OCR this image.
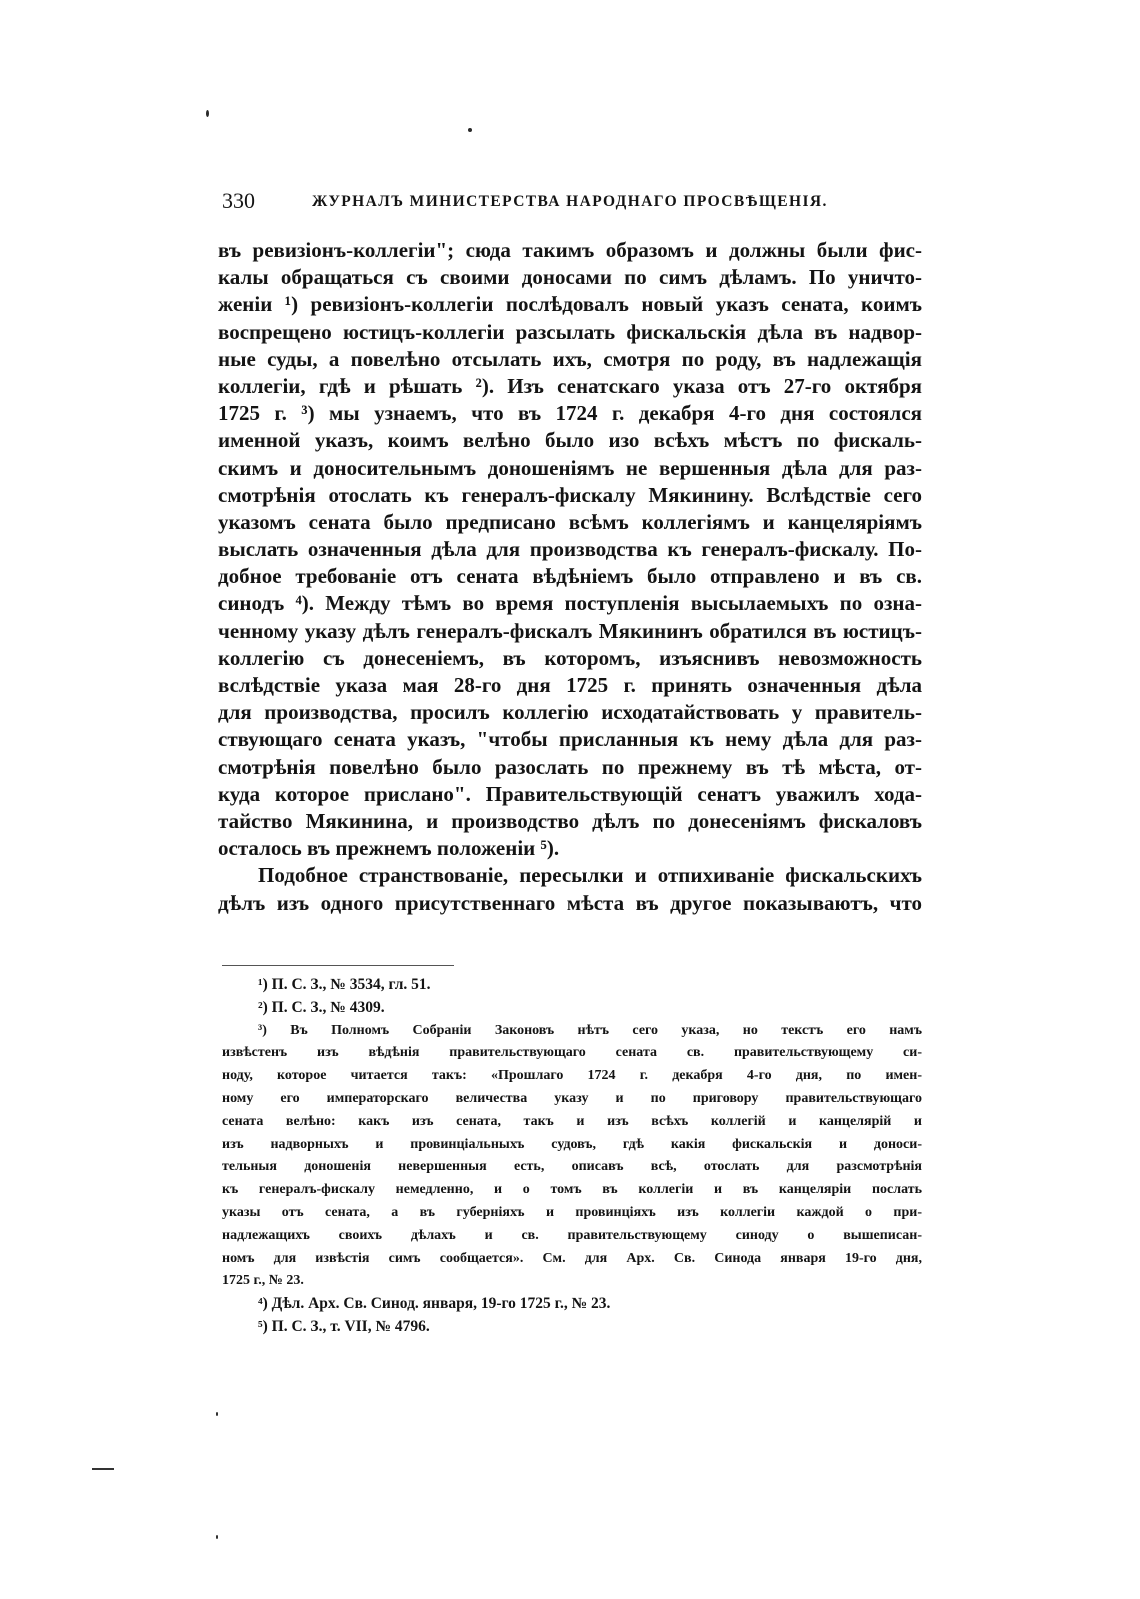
330	ЖУРНАЛЪ МИНИСТЕРСТВА НАРОДНАГО ПРОСВѢЩЕНІЯ.
въ ревизіонъ-коллегіи"; сюда такимъ образомъ и должны были фис-
калы обращаться съ своими доносами по симъ дѣламъ. По уничто-
женіи ¹) ревизіонъ-коллегіи послѣдовалъ новый указъ сената, коимъ
воспрещено юстицъ-коллегіи разсылать фискальскія дѣла въ надвор-
ные суды, а повелѣно отсылать ихъ, смотря по роду, въ надлежащія
коллегіи, гдѣ и рѣшать ²). Изъ сенатскаго указа отъ 27-го октября
1725 г. ³) мы узнаемъ, что въ 1724 г. декабря 4-го дня состоялся
именной указъ, коимъ велѣно было изо всѣхъ мѣстъ по фискаль-
скимъ и доносительнымъ доношеніямъ не вершенныя дѣла для раз-
смотрѣнія отослать къ генералъ-фискалу Мякинину. Вслѣдствіе сего
указомъ сената было предписано всѣмъ коллегіямъ и канцеляріямъ
выслать означенныя дѣла для производства къ генералъ-фискалу. По-
добное требованіе отъ сената вѣдѣніемъ было отправлено и въ св.
синодъ ⁴). Между тѣмъ во время поступленія высылаемыхъ по озна-
ченному указу дѣлъ генералъ-фискалъ Мякининъ обратился въ юстицъ-
коллегію съ донесеніемъ, въ которомъ, изъяснивъ невозможность
вслѣдствіе указа мая 28-го дня 1725 г. принять означенныя дѣла
для производства, просилъ коллегію исходатайствовать у правитель-
ствующаго сената указъ, "чтобы присланныя къ нему дѣла для раз-
смотрѣнія повелѣно было разослать по прежнему въ тѣ мѣста, от-
куда которое прислано". Правительствующій сенатъ уважилъ хода-
тайство Мякинина, и производство дѣлъ по донесеніямъ фискаловъ
осталось въ прежнемъ положеніи ⁵).
Подобное странствованіе, пересылки и отпихиваніе фискальскихъ
дѣлъ изъ одного присутственнаго мѣста въ другое показываютъ, что
¹) П. С. З., № 3534, гл. 51.
²) П. С. З., № 4309.
³) Въ Полномъ Собраніи Законовъ нѣтъ сего указа, но текстъ его намъ
извѣстенъ изъ вѣдѣнія правительствующаго сената св. правительствующему си-
ноду, которое читается такъ: «Прошлаго 1724 г. декабря 4-го дня, по имен-
ному его императорскаго величества указу и по приговору правительствующаго
сената велѣно: какъ изъ сената, такъ и изъ всѣхъ коллегій и канцелярій и
изъ надворныхъ и провинціальныхъ судовъ, гдѣ какія фискальскія и доноси-
тельныя доношенія невершенныя есть, описавъ всѣ, отослать для разсмотрѣнія
къ генералъ-фискалу немедленно, и о томъ въ коллегіи и въ канцеляріи послать
указы отъ сената, а въ губерніяхъ и провинціяхъ изъ коллегіи каждой о при-
надлежащихъ своихъ дѣлахъ и св. правительствующему синоду о вышеписан-
номъ для извѣстія симъ сообщается». См. для Арх. Св. Синода января 19-го дня,
1725 г., № 23.
⁴) Дѣл. Арх. Св. Синод. января, 19-го 1725 г., № 23.
⁵) П. С. З., т. VII, № 4796.
